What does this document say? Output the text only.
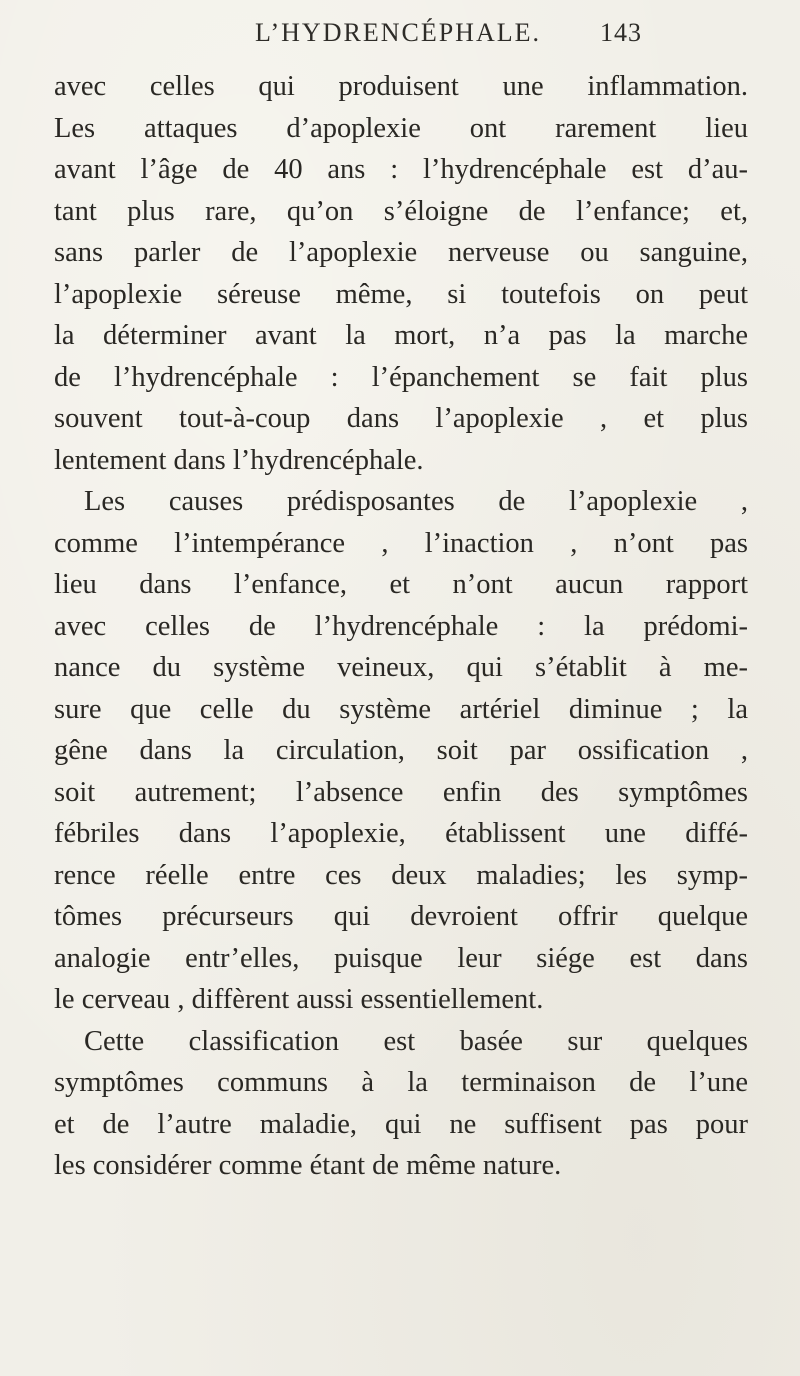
L’HYDRENCÉPHALE. 143
avec celles qui produisent une inflammation.
Les attaques d’apoplexie ont rarement lieu
avant l’âge de 40 ans : l’hydrencéphale est d’au-
tant plus rare, qu’on s’éloigne de l’enfance; et,
sans parler de l’apoplexie nerveuse ou sanguine,
l’apoplexie séreuse même, si toutefois on peut
la déterminer avant la mort, n’a pas la marche
de l’hydrencéphale : l’épanchement se fait plus
souvent tout-à-coup dans l’apoplexie , et plus
lentement dans l’hydrencéphale.
Les causes prédisposantes de l’apoplexie ,
comme l’intempérance , l’inaction , n’ont pas
lieu dans l’enfance, et n’ont aucun rapport
avec celles de l’hydrencéphale : la prédomi-
nance du système veineux, qui s’établit à me-
sure que celle du système artériel diminue ; la
gêne dans la circulation, soit par ossification ,
soit autrement; l’absence enfin des symptômes
fébriles dans l’apoplexie, établissent une diffé-
rence réelle entre ces deux maladies; les symp-
tômes précurseurs qui devroient offrir quelque
analogie entr’elles, puisque leur siége est dans
le cerveau , diffèrent aussi essentiellement.
Cette classification est basée sur quelques
symptômes communs à la terminaison de l’une
et de l’autre maladie, qui ne suffisent pas pour
les considérer comme étant de même nature.
